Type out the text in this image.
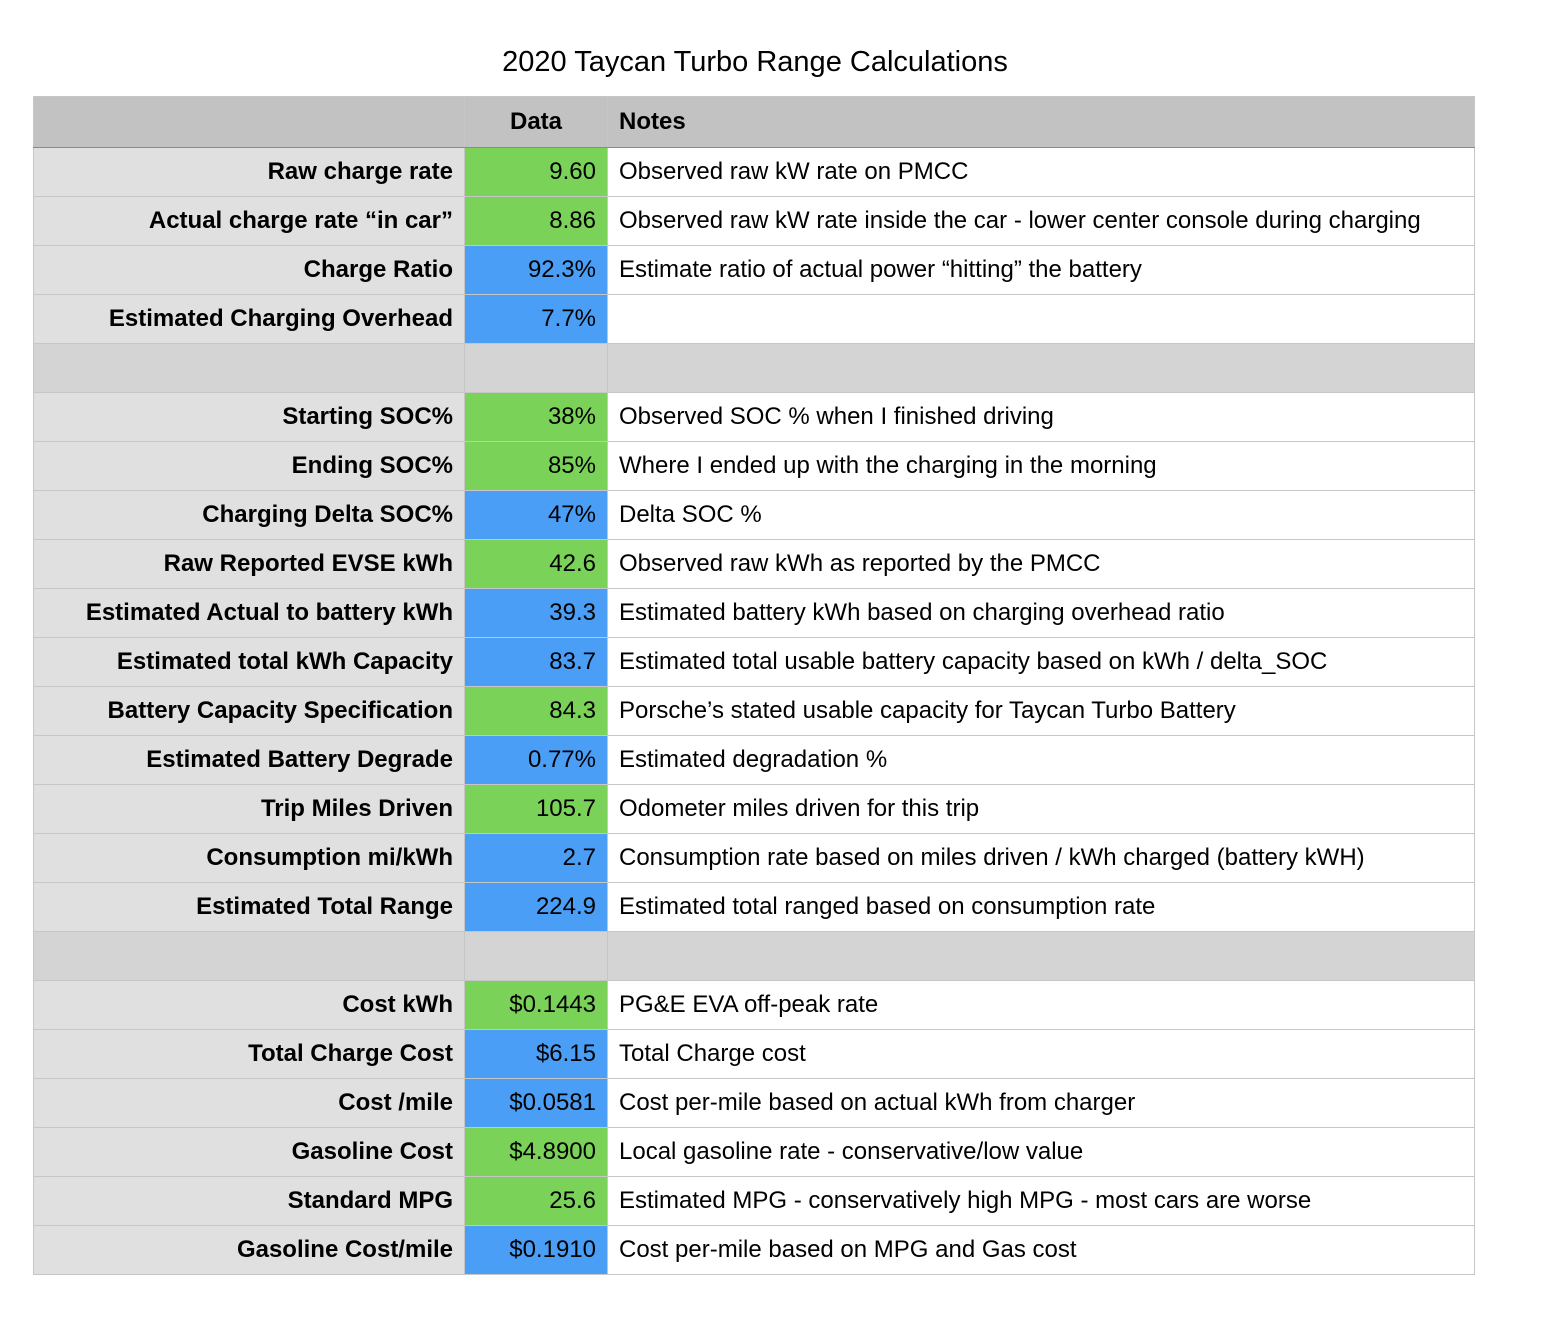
2020 Taycan Turbo Range Calculations
	Data	Notes
Raw charge rate	9.60	Observed raw kW rate on PMCC
Actual charge rate “in car”	8.86	Observed raw kW rate inside the car - lower center console during charging
Charge Ratio	92.3%	Estimate ratio of actual power “hitting” the battery
Estimated Charging Overhead	7.7%	

Starting SOC%	38%	Observed SOC % when I finished driving
Ending SOC%	85%	Where I ended up with the charging in the morning
Charging Delta SOC%	47%	Delta SOC %
Raw Reported EVSE kWh	42.6	Observed raw kWh as reported by the PMCC
Estimated Actual to battery kWh	39.3	Estimated battery kWh based on charging overhead ratio
Estimated total kWh Capacity	83.7	Estimated total usable battery capacity based on kWh / delta_SOC
Battery Capacity Specification	84.3	Porsche’s stated usable capacity for Taycan Turbo Battery
Estimated Battery Degrade	0.77%	Estimated degradation %
Trip Miles Driven	105.7	Odometer miles driven for this trip
Consumption mi/kWh	2.7	Consumption rate based on miles driven / kWh charged (battery kWH)
Estimated Total Range	224.9	Estimated total ranged based on consumption rate

Cost kWh	$0.1443	PG&E EVA off-peak rate
Total Charge Cost	$6.15	Total Charge cost
Cost /mile	$0.0581	Cost per-mile based on actual kWh from charger
Gasoline Cost	$4.8900	Local gasoline rate - conservative/low value
Standard MPG	25.6	Estimated MPG - conservatively high MPG - most cars are worse
Gasoline Cost/mile	$0.1910	Cost per-mile based on MPG and Gas cost
